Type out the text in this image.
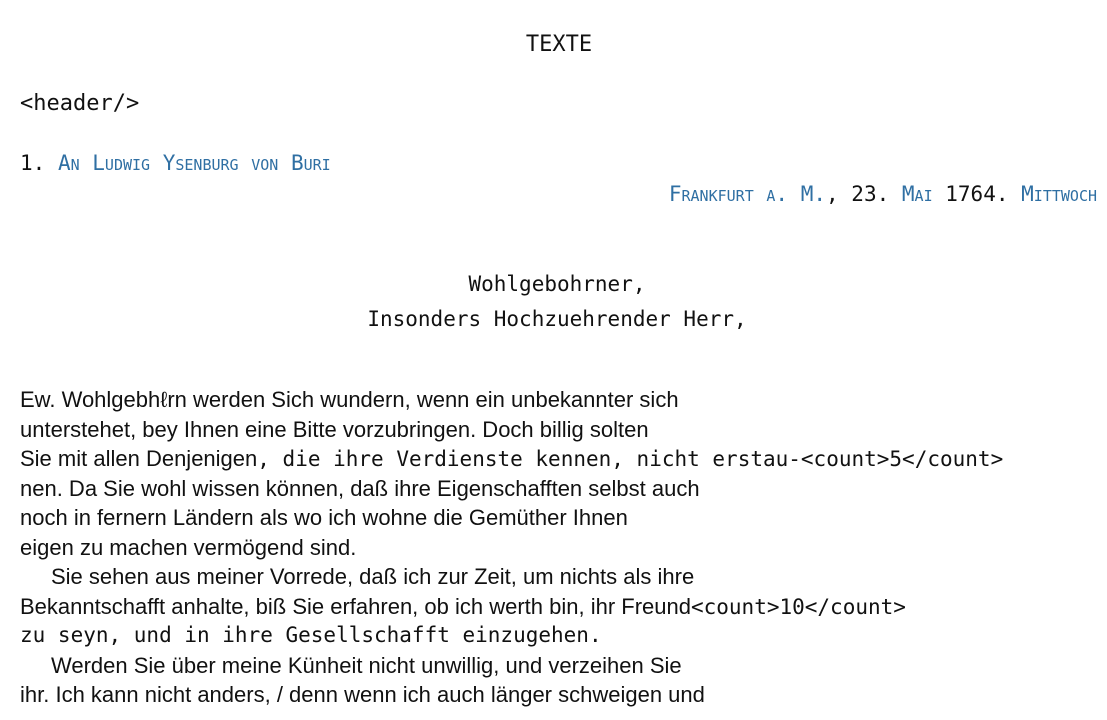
TEXTE
<header/>
1. An Ludwig Ysenburg von Buri
Frankfurt a. M., 23. Mai 1764. Mittwoch
Wohlgebohrner,
Insonders Hochzuehrender Herr,
Ew. Wohlgebhℓrn werden Sich wundern, wenn ein unbekannter sich
unterstehet, bey Ihnen eine Bitte vorzubringen. Doch billig solten
Sie mit allen Denjenigen, die ihre Verdienste kennen, nicht erstau-<count>5</count>
nen. Da Sie wohl wissen können, daß ihre Eigenschafften selbst auch
noch in fernern Ländern als wo ich wohne die Gemüther Ihnen
eigen zu machen vermögend sind.
Sie sehen aus meiner Vorrede, daß ich zur Zeit, um nichts als ihre
Bekanntschafft anhalte, biß Sie erfahren, ob ich werth bin, ihr Freund<count>10</count>
zu seyn, und in ihre Gesellschafft einzugehen.
Werden Sie über meine Künheit nicht unwillig, und verzeihen Sie
ihr. Ich kann nicht anders, / denn wenn ich auch länger schweigen und
